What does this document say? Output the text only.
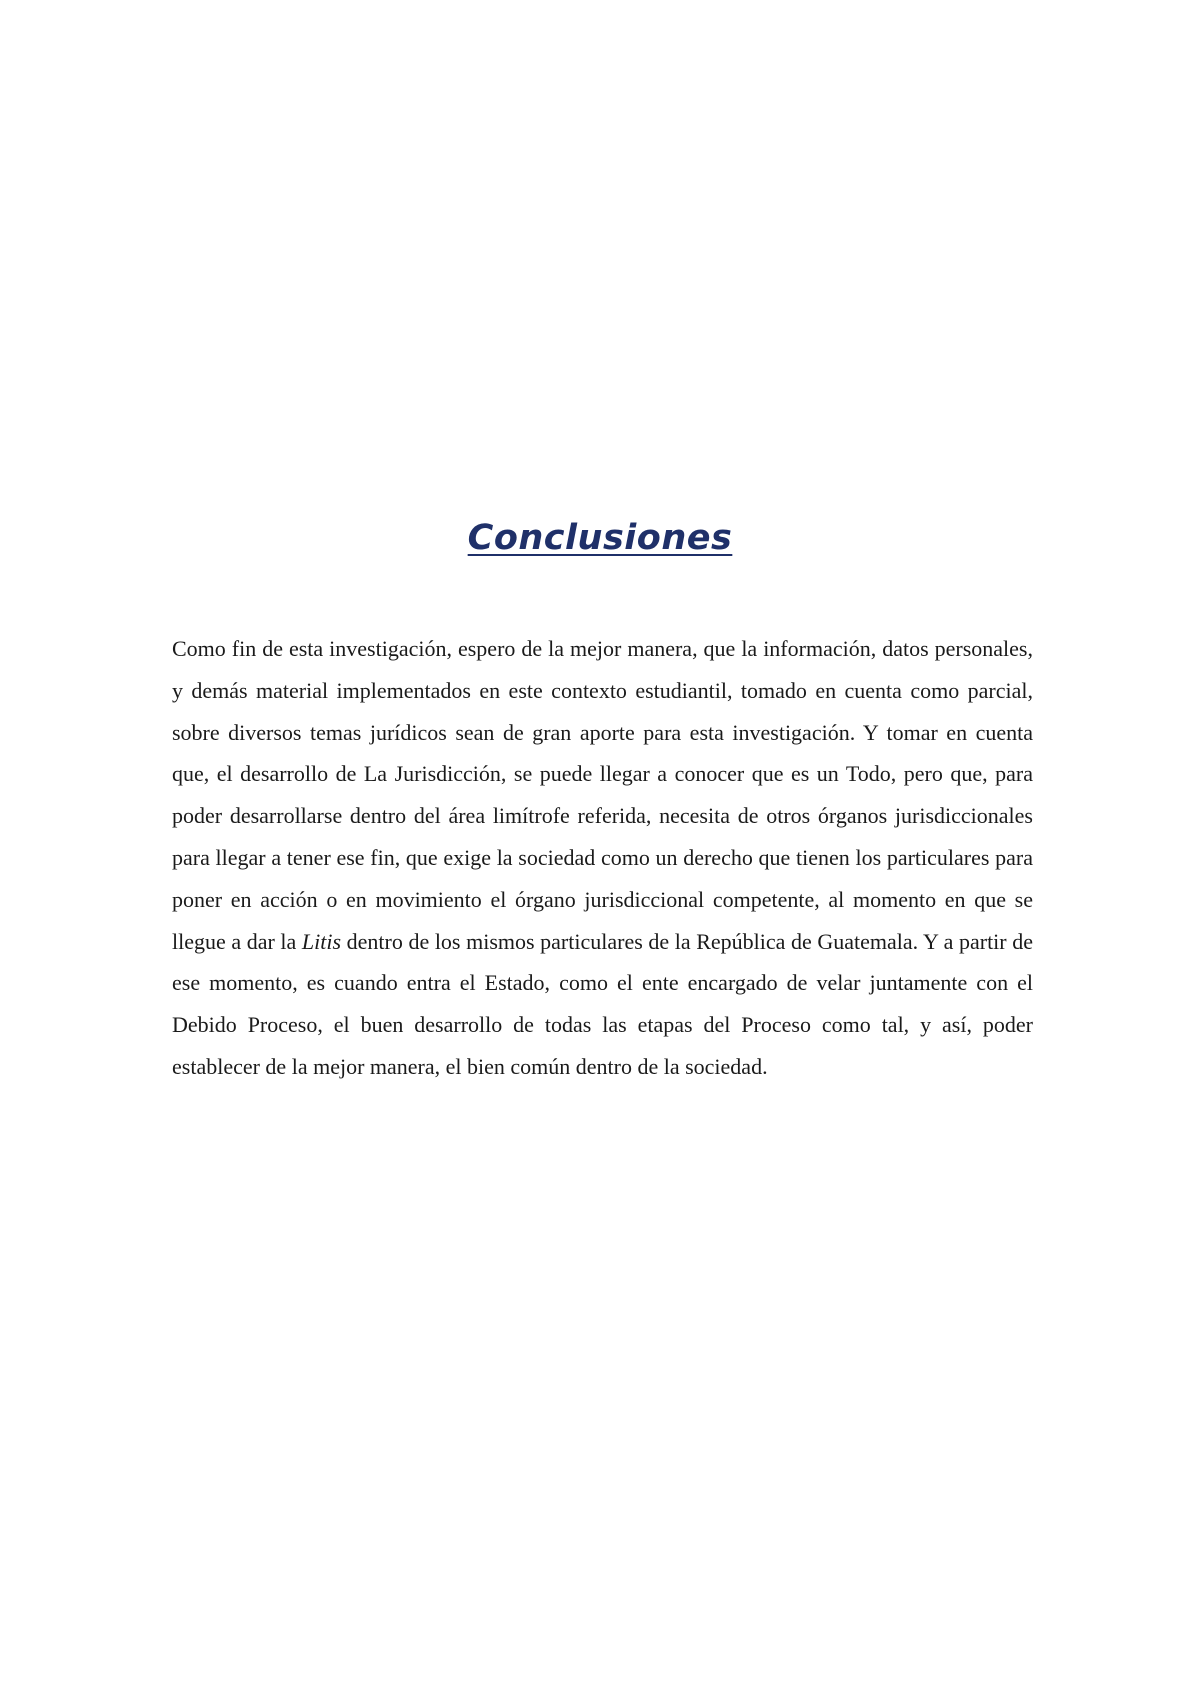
Conclusiones

Como fin de esta investigación, espero de la mejor manera, que la información, datos personales, y demás material implementados en este contexto estudiantil, tomado en cuenta como parcial, sobre diversos temas jurídicos sean de gran aporte para esta investigación. Y tomar en cuenta que, el desarrollo de La Jurisdicción, se puede llegar a conocer que es un Todo, pero que, para poder desarrollarse dentro del área limítrofe referida, necesita de otros órganos jurisdiccionales para llegar a tener ese fin, que exige la sociedad como un derecho que tienen los particulares para poner en acción o en movimiento el órgano jurisdiccional competente, al momento en que se llegue a dar la Litis dentro de los mismos particulares de la República de Guatemala. Y a partir de ese momento, es cuando entra el Estado, como el ente encargado de velar juntamente con el Debido Proceso, el buen desarrollo de todas las etapas del Proceso como tal, y así, poder establecer de la mejor manera, el bien común dentro de la sociedad.
